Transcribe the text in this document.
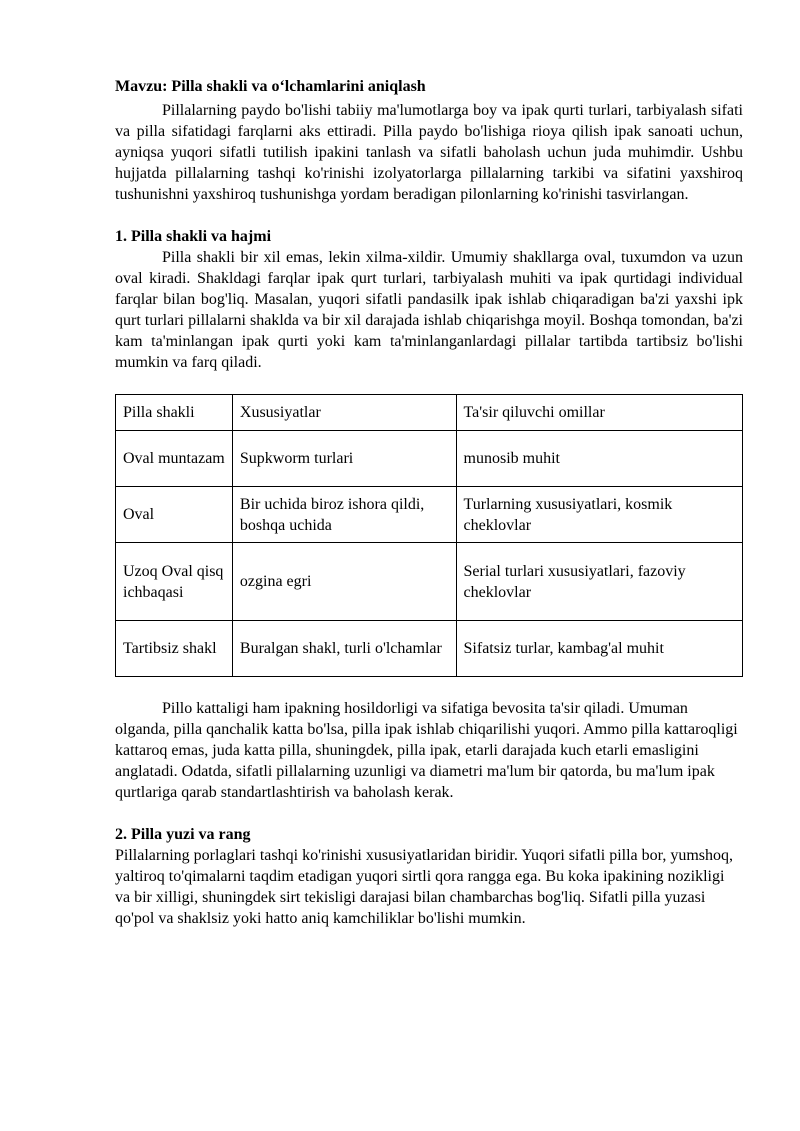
Mavzu: Pilla shakli va oʻlchamlarini aniqlash

Pillalarning paydo bo'lishi tabiiy ma'lumotlarga boy va ipak qurti turlari, tarbiyalash sifati va pilla sifatidagi farqlarni aks ettiradi. Pilla paydo bo'lishiga rioya qilish ipak sanoati uchun, ayniqsa yuqori sifatli tutilish ipakini tanlash va sifatli baholash uchun juda muhimdir. Ushbu hujjatda pillalarning tashqi ko'rinishi izolyatorlarga pillalarning tarkibi va sifatini yaxshiroq tushunishni yaxshiroq tushunishga yordam beradigan pilonlarning ko'rinishi tasvirlangan.

1. Pilla shakli va hajmi

Pilla shakli bir xil emas, lekin xilma-xildir. Umumiy shakllarga oval, tuxumdon va uzun oval kiradi. Shakldagi farqlar ipak qurt turlari, tarbiyalash muhiti va ipak qurtidagi individual farqlar bilan bog'liq. Masalan, yuqori sifatli pandasilk ipak ishlab chiqaradigan ba'zi yaxshi ipk qurt turlari pillalarni shaklda va bir xil darajada ishlab chiqarishga moyil. Boshqa tomondan, ba'zi kam ta'minlangan ipak qurti yoki kam ta'minlanganlardagi pillalar tartibda tartibsiz bo'lishi mumkin va farq qiladi.

Pilla shakli	Xususiyatlar	Ta'sir qiluvchi omillar
Oval muntazam	Supkworm turlari	munosib muhit
Oval	Bir uchida biroz ishora qildi, boshqa uchida	Turlarning xususiyatlari, kosmik cheklovlar
Uzoq Oval qisqichbaqasi	ozgina egri	Serial turlari xususiyatlari, fazoviy cheklovlar
Tartibsiz shakl	Buralgan shakl, turli o'lchamlar	Sifatsiz turlar, kambag'al muhit

Pillo kattaligi ham ipakning hosildorligi va sifatiga bevosita ta'sir qiladi. Umuman olganda, pilla qanchalik katta bo'lsa, pilla ipak ishlab chiqarilishi yuqori. Ammo pilla kattaroqligi kattaroq emas, juda katta pilla, shuningdek, pilla ipak, etarli darajada kuch etarli emasligini anglatadi. Odatda, sifatli pillalarning uzunligi va diametri ma'lum bir qatorda, bu ma'lum ipak qurtlariga qarab standartlashtirish va baholash kerak.

2. Pilla yuzi va rang

Pillalarning porlaglari tashqi ko'rinishi xususiyatlaridan biridir. Yuqori sifatli pilla bor, yumshoq, yaltiroq to'qimalarni taqdim etadigan yuqori sirtli qora rangga ega. Bu koka ipakining nozikligi va bir xilligi, shuningdek sirt tekisligi darajasi bilan chambarchas bog'liq. Sifatli pilla yuzasi qo'pol va shaklsiz yoki hatto aniq kamchiliklar bo'lishi mumkin.
